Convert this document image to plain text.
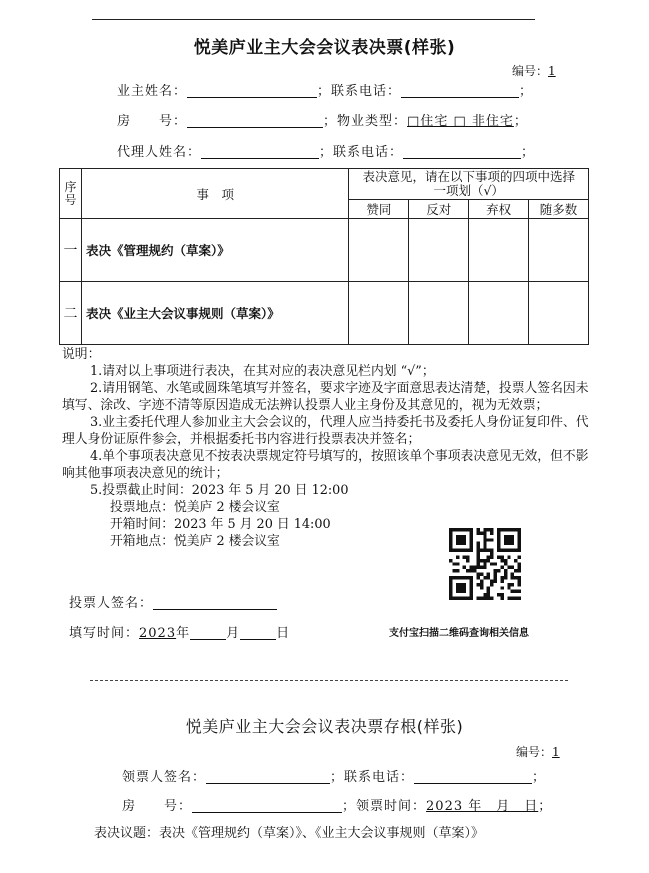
悦美庐业主大会会议表决票(样张)
编号：1
业主姓名：	；联系电话：	；
房　　号：	；物业类型：□住宅 □ 非住宅；
代理人姓名：	；联系电话：	；
序号	事　项	表决意见，请在以下事项的四项中选择一项划（√）			
		赞同	反对	弃权	随多数
一	表决《管理规约（草案）》				
二	表决《业主大会议事规则（草案）》				
说明：
1.请对以上事项进行表决，在其对应的表决意见栏内划 “√”；
2.请用钢笔、水笔或圆珠笔填写并签名，要求字迹及字面意思表达清楚，投票人签名因未填写、涂改、字迹不清等原因造成无法辨认投票人业主身份及其意见的，视为无效票；
3.业主委托代理人参加业主大会会议的，代理人应当持委托书及委托人身份证复印件、代理人身份证原件参会，并根据委托书内容进行投票表决并签名；
4.单个事项表决意见不按表决票规定符号填写的，按照该单个事项表决意见无效，但不影响其他事项表决意见的统计；
5.投票截止时间：2023 年 5 月 20 日 12:00
投票地点：悦美庐 2 楼会议室
开箱时间：2023 年 5 月 20 日 14:00
开箱地点：悦美庐 2 楼会议室
投票人签名：
填写时间：2023年	月	日	支付宝扫描二维码查询相关信息
悦美庐业主大会会议表决票存根(样张)
编号：1
领票人签名：	；联系电话：	；
房　　号：	；领票时间：2023 年　月　日；
表决议题：表决《管理规约（草案）》、《业主大会议事规则（草案）》
